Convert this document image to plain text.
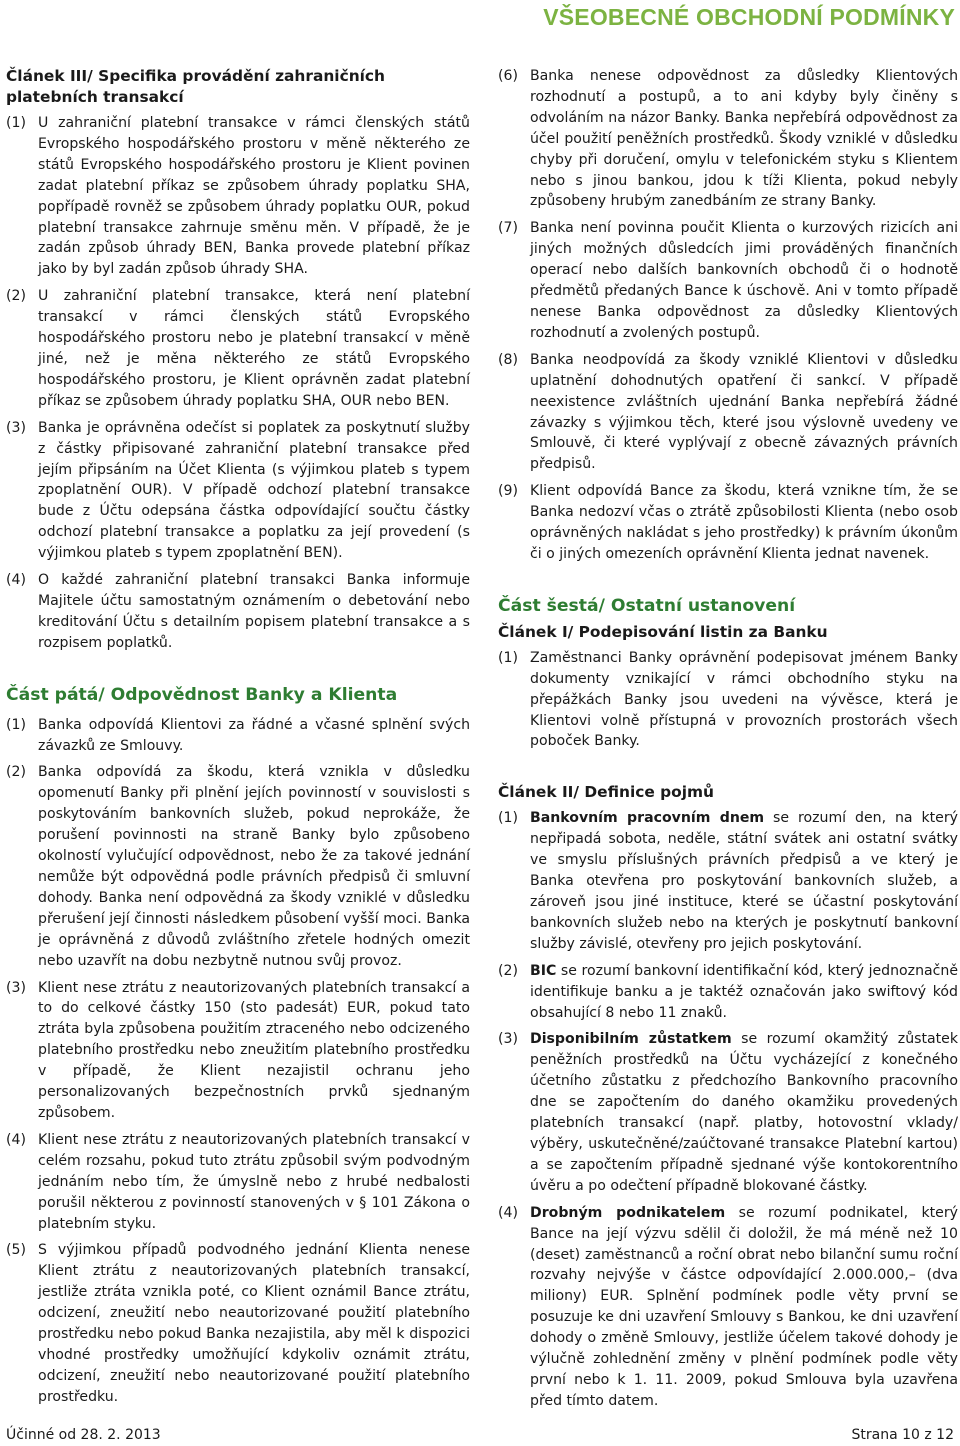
VŠEOBECNÉ OBCHODNÍ PODMÍNKY
Článek III/ Specifika provádění zahraničních platebních transakcí
(1) U zahraniční platební transakce v rámci členských států Evropského hospodářského prostoru v měně některého ze států Evropského hospodářského prostoru je Klient povinen zadat platební příkaz se způsobem úhrady poplatku SHA, popřípadě rovněž se způsobem úhrady poplatku OUR, pokud platební transakce zahrnuje směnu měn. V případě, že je zadán způsob úhrady BEN, Banka provede platební příkaz jako by byl zadán způsob úhrady SHA.
(2) U zahraniční platební transakce, která není platební transakcí v rámci členských států Evropského hospodářského prostoru nebo je platební transakcí v měně jiné, než je měna některého ze států Evropského hospodářského prostoru, je Klient oprávněn zadat platební příkaz se způsobem úhrady poplatku SHA, OUR nebo BEN.
(3) Banka je oprávněna odečíst si poplatek za poskytnutí služby z částky připisované zahraniční platební transakce před jejím připsáním na Účet Klienta (s výjimkou plateb s typem zpoplatnění OUR). V případě odchozí platební transakce bude z Účtu odepsána částka odpovídající součtu částky odchozí platební transakce a poplatku za její provedení (s výjimkou plateb s typem zpoplatnění BEN).
(4) O každé zahraniční platební transakci Banka informuje Majitele účtu samostatným oznámením o debetování nebo kreditování Účtu s detailním popisem platební transakce a s rozpisem poplatků.
Část pátá/ Odpovědnost Banky a Klienta
(1) Banka odpovídá Klientovi za řádné a včasné splnění svých závazků ze Smlouvy.
(2) Banka odpovídá za škodu, která vznikla v důsledku opomenutí Banky při plnění jejích povinností v souvislosti s poskytováním bankovních služeb, pokud neprokáže, že porušení povinnosti na straně Banky bylo způsobeno okolností vylučující odpovědnost, nebo že za takové jednání nemůže být odpovědná podle právních předpisů či smluvní dohody. Banka není odpovědná za škody vzniklé v důsledku přerušení její činnosti následkem působení vyšší moci. Banka je oprávněná z důvodů zvláštního zřetele hodných omezit nebo uzavřít na dobu nezbytně nutnou svůj provoz.
(3) Klient nese ztrátu z neautorizovaných platebních transakcí a to do celkové částky 150 (sto padesát) EUR, pokud tato ztráta byla způsobena použitím ztraceného nebo odcizeného platebního prostředku nebo zneužitím platebního prostředku v případě, že Klient nezajistil ochranu jeho personalizovaných bezpečnostních prvků sjednaným způsobem.
(4) Klient nese ztrátu z neautorizovaných platebních transakcí v celém rozsahu, pokud tuto ztrátu způsobil svým podvodným jednáním nebo tím, že úmyslně nebo z hrubé nedbalosti porušil některou z povinností stanovených v § 101 Zákona o platebním styku.
(5) S výjimkou případů podvodného jednání Klienta nenese Klient ztrátu z neautorizovaných platebních transakcí, jestliže ztráta vznikla poté, co Klient oznámil Bance ztrátu, odcizení, zneužití nebo neautorizované použití platebního prostředku nebo pokud Banka nezajistila, aby měl k dispozici vhodné prostředky umožňující kdykoliv oznámit ztrátu, odcizení, zneužití nebo neautorizované použití platebního prostředku.
(6) Banka nenese odpovědnost za důsledky Klientových rozhodnutí a postupů, a to ani kdyby byly činěny s odvoláním na názor Banky. Banka nepřebírá odpovědnost za účel použití peněžních prostředků. Škody vzniklé v důsledku chyby při doručení, omylu v telefonickém styku s Klientem nebo s jinou bankou, jdou k tíži Klienta, pokud nebyly způsobeny hrubým zanedbáním ze strany Banky.
(7) Banka není povinna poučit Klienta o kurzových rizicích ani jiných možných důsledcích jimi prováděných finančních operací nebo dalších bankovních obchodů či o hodnotě předmětů předaných Bance k úschově. Ani v tomto případě nenese Banka odpovědnost za důsledky Klientových rozhodnutí a zvolených postupů.
(8) Banka neodpovídá za škody vzniklé Klientovi v důsledku uplatnění dohodnutých opatření či sankcí. V případě neexistence zvláštních ujednání Banka nepřebírá žádné závazky s výjimkou těch, které jsou výslovně uvedeny ve Smlouvě, či které vyplývají z obecně závazných právních předpisů.
(9) Klient odpovídá Bance za škodu, která vznikne tím, že se Banka nedozví včas o ztrátě způsobilosti Klienta (nebo osob oprávněných nakládat s jeho prostředky) k právním úkonům či o jiných omezeních oprávnění Klienta jednat navenek.
Část šestá/ Ostatní ustanovení
Článek I/ Podepisování listin za Banku
(1) Zaměstnanci Banky oprávnění podepisovat jménem Banky dokumenty vznikající v rámci obchodního styku na přepážkách Banky jsou uvedeni na vývěsce, která je Klientovi volně přístupná v provozních prostorách všech poboček Banky.
Článek II/ Definice pojmů
(1) Bankovním pracovním dnem se rozumí den, na který nepřipadá sobota, neděle, státní svátek ani ostatní svátky ve smyslu příslušných právních předpisů a ve který je Banka otevřena pro poskytování bankovních služeb, a zároveň jsou jiné instituce, které se účastní poskytování bankovních služeb nebo na kterých je poskytnutí bankovní služby závislé, otevřeny pro jejich poskytování.
(2) BIC se rozumí bankovní identifikační kód, který jednoznačně identifikuje banku a je taktéž označován jako swiftový kód obsahující 8 nebo 11 znaků.
(3) Disponibilním zůstatkem se rozumí okamžitý zůstatek peněžních prostředků na Účtu vycházející z konečného účetního zůstatku z předchozího Bankovního pracovního dne se započtením do daného okamžiku provedených platebních transakcí (např. platby, hotovostní vklady/ výběry, uskutečněné/zaúčtované transakce Platební kartou) a se započtením případně sjednané výše kontokorentního úvěru a po odečtení případně blokované částky.
(4) Drobným podnikatelem se rozumí podnikatel, který Bance na její výzvu sdělil či doložil, že má méně než 10 (deset) zaměstnanců a roční obrat nebo bilanční sumu roční rozvahy nejvýše v částce odpovídající 2.000.000,– (dva miliony) EUR. Splnění podmínek podle věty první se posuzuje ke dni uzavření Smlouvy s Bankou, ke dni uzavření dohody o změně Smlouvy, jestliže účelem takové dohody je výlučně zohlednění změny v plnění podmínek podle věty první nebo k 1. 11. 2009, pokud Smlouva byla uzavřena před tímto datem.
Účinné od 28. 2. 2013	Strana 10 z 12
